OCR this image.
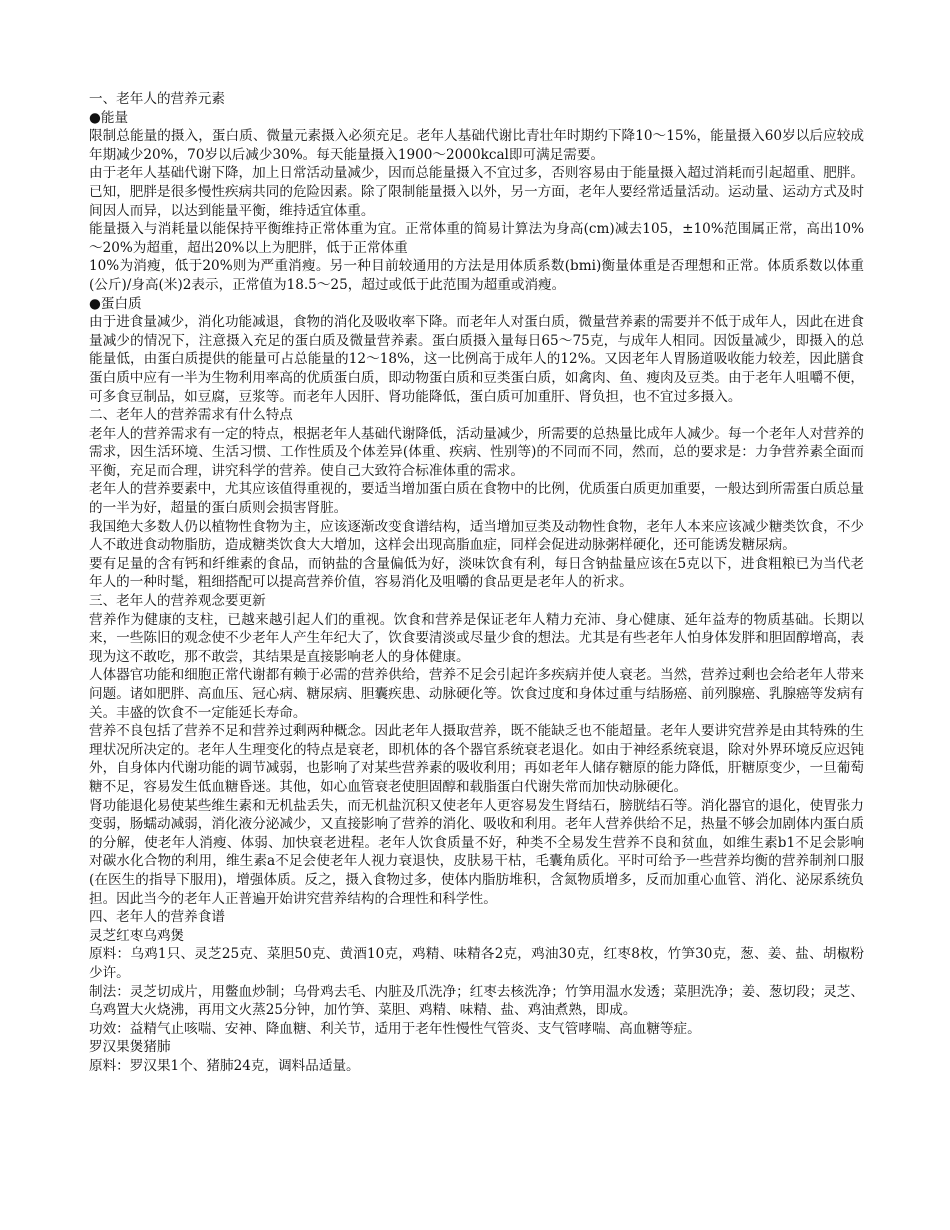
一、老年人的营养元素

●能量

限制总能量的摄入，蛋白质、微量元素摄入必须充足。老年人基础代谢比青壮年时期约下降10～15%，能量摄入60岁以后应较成年期减少20%，70岁以后减少30%。每天能量摄入1900～2000kcal即可满足需要。

由于老年人基础代谢下降，加上日常活动量减少，因而总能量摄入不宜过多，否则容易由于能量摄入超过消耗而引起超重、肥胖。已知，肥胖是很多慢性疾病共同的危险因素。除了限制能量摄入以外，另一方面，老年人要经常适量活动。运动量、运动方式及时间因人而异，以达到能量平衡，维持适宜体重。

能量摄入与消耗量以能保持平衡维持正常体重为宜。正常体重的简易计算法为身高(cm)减去105，±10%范围属正常，高出10%～20%为超重，超出20%以上为肥胖，低于正常体重

10%为消瘦，低于20%则为严重消瘦。另一种目前较通用的方法是用体质系数(bmi)衡量体重是否理想和正常。体质系数以体重(公斤)/身高(米)2表示，正常值为18.5～25，超过或低于此范围为超重或消瘦。

●蛋白质

由于进食量减少，消化功能减退，食物的消化及吸收率下降。而老年人对蛋白质，微量营养素的需要并不低于成年人，因此在进食量减少的情况下，注意摄入充足的蛋白质及微量营养素。蛋白质摄入量每日65～75克，与成年人相同。因饭量减少，即摄入的总能量低，由蛋白质提供的能量可占总能量的12～18%，这一比例高于成年人的12%。又因老年人胃肠道吸收能力较差，因此膳食蛋白质中应有一半为生物利用率高的优质蛋白质，即动物蛋白质和豆类蛋白质，如禽肉、鱼、瘦肉及豆类。由于老年人咀嚼不便，可多食豆制品，如豆腐，豆浆等。而老年人因肝、肾功能降低，蛋白质可加重肝、肾负担，也不宜过多摄入。

二、老年人的营养需求有什么特点

老年人的营养需求有一定的特点，根据老年人基础代谢降低，活动量减少，所需要的总热量比成年人减少。每一个老年人对营养的需求，因生活环境、生活习惯、工作性质及个体差异(体重、疾病、性别等)的不同而不同，然而，总的要求是：力争营养素全面而平衡，充足而合理，讲究科学的营养。使自己大致符合标准体重的需求。

老年人的营养要素中，尤其应该值得重视的，要适当增加蛋白质在食物中的比例，优质蛋白质更加重要，一般达到所需蛋白质总量的一半为好，超量的蛋白质则会损害肾脏。

我国绝大多数人仍以植物性食物为主，应该逐渐改变食谱结构，适当增加豆类及动物性食物，老年人本来应该减少糖类饮食，不少人不敢进食动物脂肪，造成糖类饮食大大增加，这样会出现高脂血症，同样会促进动脉粥样硬化，还可能诱发糖尿病。

要有足量的含有钙和纤维素的食品，而钠盐的含量偏低为好，淡味饮食有利，每日含钠盐量应该在5克以下，进食粗粮已为当代老年人的一种时髦，粗细搭配可以提高营养价值，容易消化及咀嚼的食品更是老年人的祈求。

三、老年人的营养观念要更新

营养作为健康的支柱，已越来越引起人们的重视。饮食和营养是保证老年人精力充沛、身心健康、延年益寿的物质基础。长期以来，一些陈旧的观念使不少老年人产生年纪大了，饮食要清淡或尽量少食的想法。尤其是有些老年人怕身体发胖和胆固醇增高，表现为这不敢吃，那不敢尝，其结果是直接影响老人的身体健康。

人体器官功能和细胞正常代谢都有赖于必需的营养供给，营养不足会引起许多疾病并使人衰老。当然，营养过剩也会给老年人带来问题。诸如肥胖、高血压、冠心病、糖尿病、胆囊疾患、动脉硬化等。饮食过度和身体过重与结肠癌、前列腺癌、乳腺癌等发病有关。丰盛的饮食不一定能延长寿命。

营养不良包括了营养不足和营养过剩两种概念。因此老年人摄取营养，既不能缺乏也不能超量。老年人要讲究营养是由其特殊的生理状况所决定的。老年人生理变化的特点是衰老，即机体的各个器官系统衰老退化。如由于神经系统衰退，除对外界环境反应迟钝外，自身体内代谢功能的调节减弱，也影响了对某些营养素的吸收利用；再如老年人储存糖原的能力降低，肝糖原变少，一旦葡萄糖不足，容易发生低血糖昏迷。其他，如心血管衰老使胆固醇和载脂蛋白代谢失常而加快动脉硬化。

肾功能退化易使某些维生素和无机盐丢失，而无机盐沉积又使老年人更容易发生肾结石，膀胱结石等。消化器官的退化，使胃张力变弱，肠蠕动减弱，消化液分泌减少，又直接影响了营养的消化、吸收和利用。老年人营养供给不足，热量不够会加剧体内蛋白质的分解，使老年人消瘦、体弱、加快衰老进程。老年人饮食质量不好，种类不全易发生营养不良和贫血，如维生素b1不足会影响对碳水化合物的利用，维生素a不足会使老年人视力衰退快，皮肤易干枯，毛囊角质化。平时可给予一些营养均衡的营养制剂口服(在医生的指导下服用)，增强体质。反之，摄入食物过多，使体内脂肪堆积，含氮物质增多，反而加重心血管、消化、泌尿系统负担。因此当今的老年人正普遍开始讲究营养结构的合理性和科学性。

四、老年人的营养食谱

灵芝红枣乌鸡煲

原料：乌鸡1只、灵芝25克、菜胆50克、黄酒10克，鸡精、味精各2克，鸡油30克，红枣8枚，竹笋30克，葱、姜、盐、胡椒粉少许。

制法：灵芝切成片，用鳖血炒制；乌骨鸡去毛、内脏及爪洗净；红枣去核洗净；竹笋用温水发透；菜胆洗净；姜、葱切段；灵芝、乌鸡置大火烧沸，再用文火蒸25分钟，加竹笋、菜胆、鸡精、味精、盐、鸡油煮熟，即成。

功效：益精气止咳喘、安神、降血糖、利关节，适用于老年性慢性气管炎、支气管哮喘、高血糖等症。

罗汉果煲猪肺

原料：罗汉果1个、猪肺24克，调料品适量。
